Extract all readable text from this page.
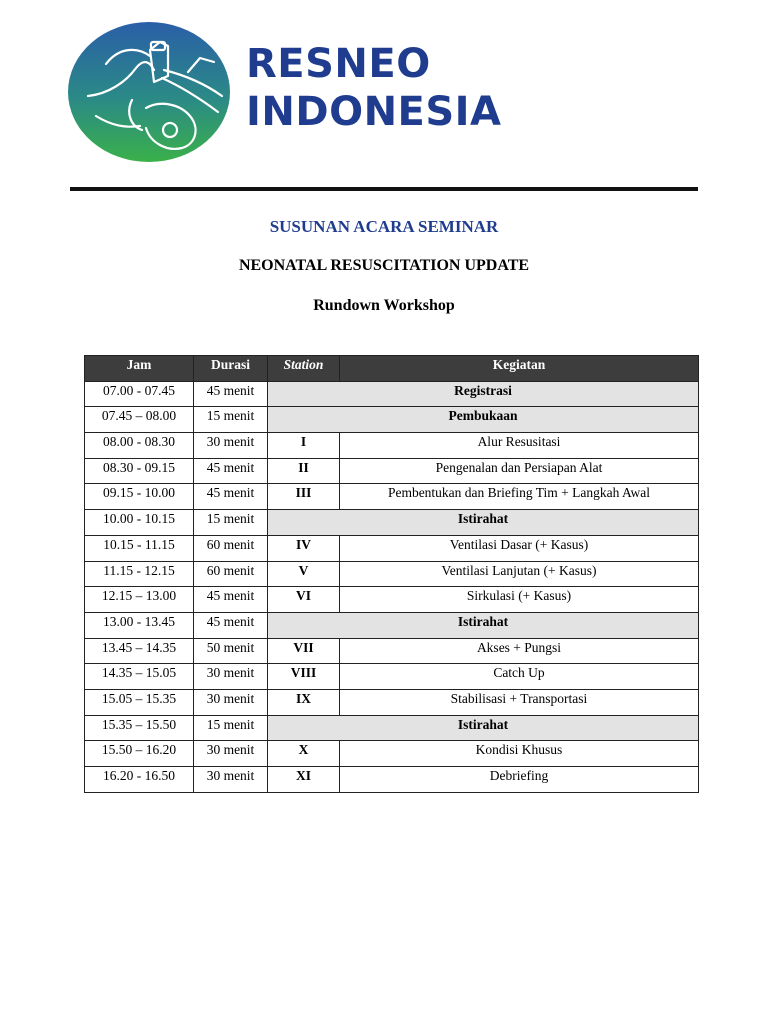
RESNEO
INDONESIA
SUSUNAN ACARA SEMINAR
NEONATAL RESUSCITATION UPDATE
Rundown Workshop
Jam	Durasi	Station	Kegiatan
07.00 - 07.45	45 menit	Registrasi	
07.45 – 08.00	15 menit	Pembukaan	
08.00 - 08.30	30 menit	I	Alur Resusitasi
08.30 - 09.15	45 menit	II	Pengenalan dan Persiapan Alat
09.15 - 10.00	45 menit	III	Pembentukan dan Briefing Tim + Langkah Awal
10.00 - 10.15	15 menit	Istirahat	
10.15 - 11.15	60 menit	IV	Ventilasi Dasar (+ Kasus)
11.15 - 12.15	60 menit	V	Ventilasi Lanjutan (+ Kasus)
12.15 – 13.00	45 menit	VI	Sirkulasi (+ Kasus)
13.00 - 13.45	45 menit	Istirahat	
13.45 – 14.35	50 menit	VII	Akses + Pungsi
14.35 – 15.05	30 menit	VIII	Catch Up
15.05 – 15.35	30 menit	IX	Stabilisasi + Transportasi
15.35 – 15.50	15 menit	Istirahat	
15.50 – 16.20	30 menit	X	Kondisi Khusus
16.20 - 16.50	30 menit	XI	Debriefing
